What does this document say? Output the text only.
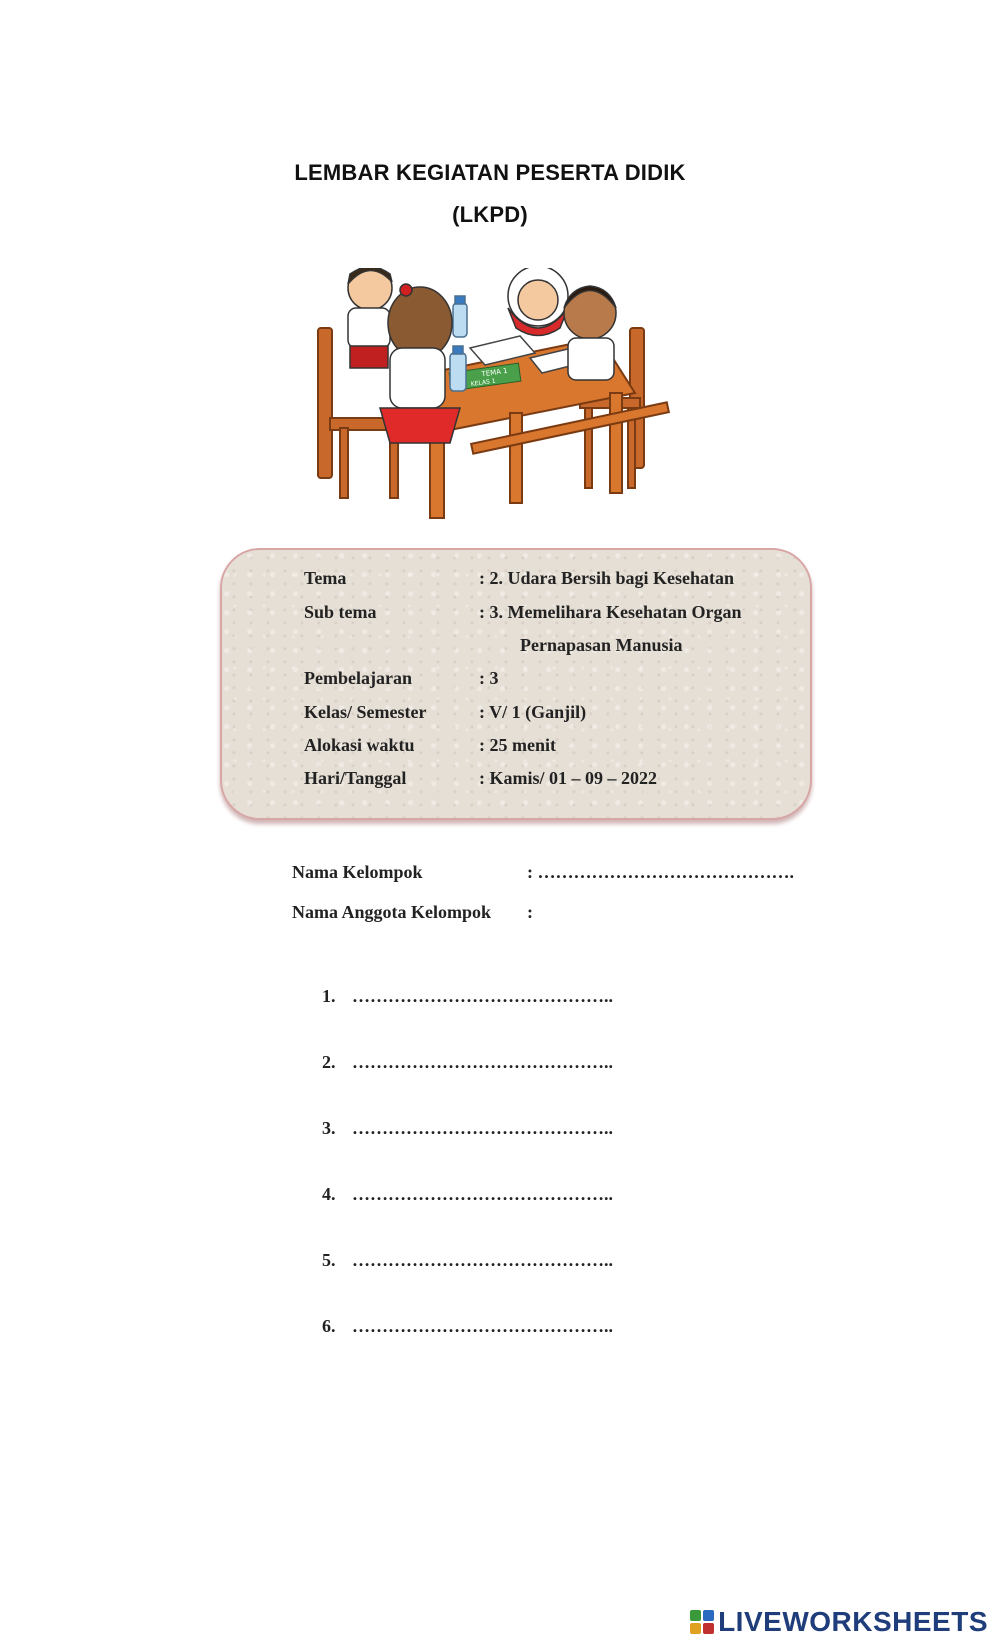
LEMBAR KEGIATAN PESERTA DIDIK
(LKPD)
TEMA 1
KELAS 1
Tema	: 2. Udara Bersih bagi Kesehatan
Sub tema	: 3. Memelihara Kesehatan Organ
Pernapasan Manusia
Pembelajaran	: 3
Kelas/ Semester	: V/ 1 (Ganjil)
Alokasi waktu	: 25 menit
Hari/Tanggal	: Kamis/ 01 – 09 – 2022
Nama Kelompok	: …………………………………….
Nama Anggota Kelompok	:
1. ……………………………………..
2. ……………………………………..
3. ……………………………………..
4. ……………………………………..
5. ……………………………………..
6. ……………………………………..
LIVEWORKSHEETS
